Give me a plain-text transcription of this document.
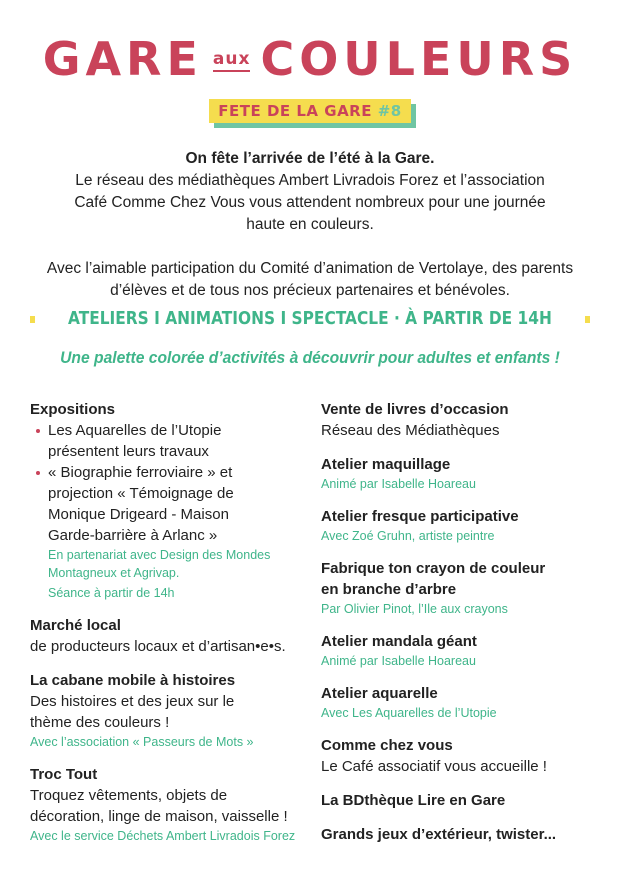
GARE aux COULEURS
FETE DE LA GARE #8

On fête l’arrivée de l’été à la Gare.

Le réseau des médiathèques Ambert Livradois Forez et l’association

Café Comme Chez Vous vous attendent nombreux pour une journée

haute en couleurs.

Avec l’aimable participation du Comité d’animation de Vertolaye, des parents

d’élèves et de tous nos précieux partenaires et bénévoles.

ATELIERS I ANIMATIONS I SPECTACLE · À PARTIR DE 14H
Une palette colorée d’activités à découvrir pour adultes et enfants !
Expositions
Les Aquarelles de l’Utopie
présentent leurs travaux
« Biographie ferroviaire » et
projection « Témoignage de
Monique Drigeard - Maison
Garde-barrière à Arlanc »
En partenariat avec Design des Mondes
Montagneux et Agrivap.
Séance à partir de 14h
Marché local
de producteurs locaux et d’artisan•e•s.
La cabane mobile à histoires
Des histoires et des jeux sur le
thème des couleurs !
Avec l’association « Passeurs de Mots »
Troc Tout
Troquez vêtements, objets de
décoration, linge de maison, vaisselle !
Avec le service Déchets Ambert Livradois Forez
Vente de livres d’occasion
Réseau des Médiathèques
Atelier maquillage
Animé par Isabelle Hoareau
Atelier fresque participative
Avec Zoé Gruhn, artiste peintre
Fabrique ton crayon de couleur
en branche d’arbre
Par Olivier Pinot, l’Ile aux crayons
Atelier mandala géant
Animé par Isabelle Hoareau
Atelier aquarelle
Avec Les Aquarelles de l’Utopie
Comme chez vous
Le Café associatif vous accueille !
La BDthèque Lire en Gare
Grands jeux d’extérieur, twister...
